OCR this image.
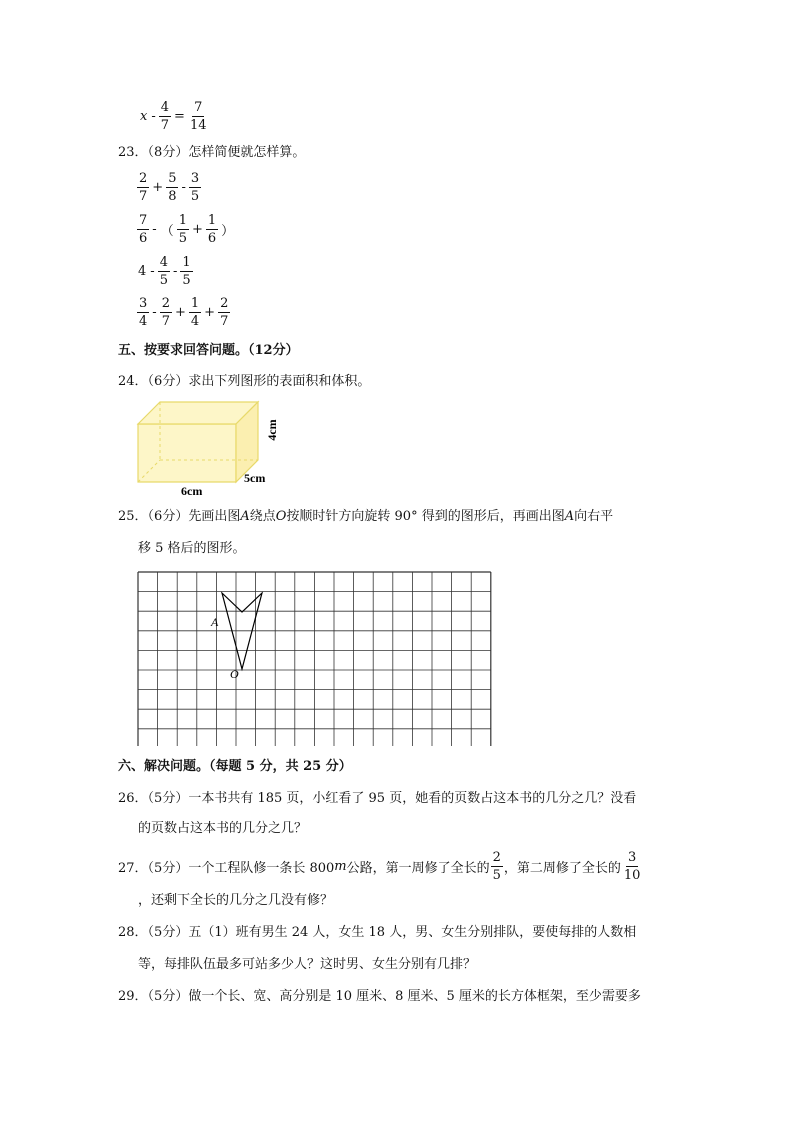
$x - \frac{4}{7} = \frac{7}{14}$
23．（8分）怎样简便就怎样算。
$\frac{2}{7} + \frac{5}{8} - \frac{3}{5}$
$\frac{7}{6}$ - （ $\frac{1}{5} + \frac{1}{6}$ ）
$4 - \frac{4}{5} - \frac{1}{5}$
$\frac{3}{4} - \frac{2}{7} + \frac{1}{4} + \frac{2}{7}$
五、按要求回答问题。（12分）
24．（6分）求出下列图形的表面积和体积。
4cm
5cm
6cm
25．（6分）先画出图A绕点O按顺时针方向旋转 90° 得到的图形后，再画出图A向右平
移 5 格后的图形。
A
O
六、解决问题。（每题 5 分，共 25 分）
26．（5分）一本书共有 185 页，小红看了 95 页，她看的页数占这本书的几分之几？没看
的页数占这本书的几分之几？
27．（5分）一个工程队修一条长 800 m 公路，第一周修了全长的 $\frac{2}{5}$ ，第二周修了全长的 $\frac{3}{10}$
，还剩下全长的几分之几没有修？
28．（5分）五（1）班有男生 24 人，女生 18 人，男、女生分别排队，要使每排的人数相
等，每排队伍最多可站多少人？这时男、女生分别有几排？
29．（5分）做一个长、宽、高分别是 10 厘米、8 厘米、5 厘米的长方体框架，至少需要多
